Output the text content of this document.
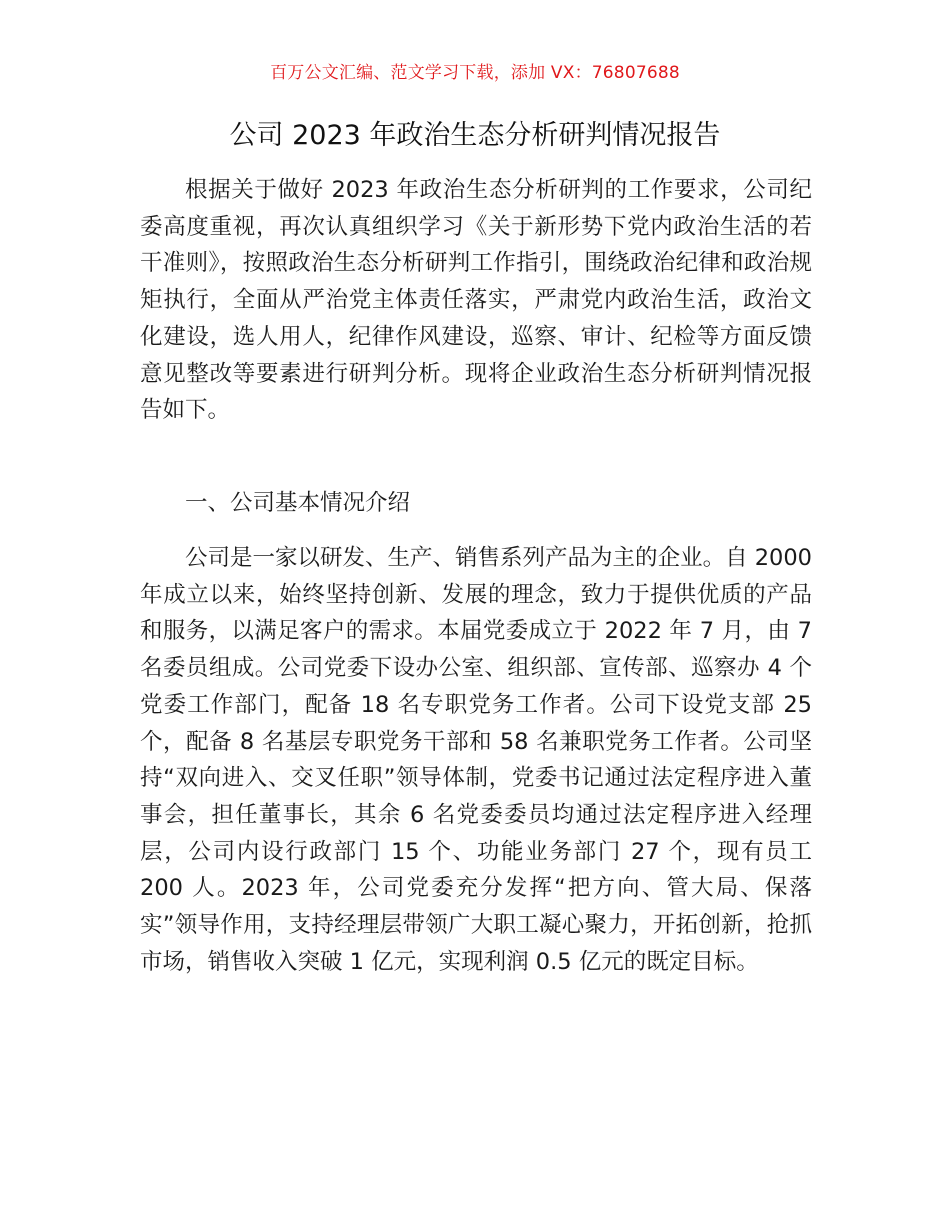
百万公文汇编、范文学习下载，添加 VX：76807688
公司 2023 年政治生态分析研判情况报告

根据关于做好 2023 年政治生态分析研判的工作要求，公司纪委高度重视，再次认真组织学习《关于新形势下党内政治生活的若干准则》，按照政治生态分析研判工作指引，围绕政治纪律和政治规矩执行，全面从严治党主体责任落实，严肃党内政治生活，政治文化建设，选人用人，纪律作风建设，巡察、审计、纪检等方面反馈意见整改等要素进行研判分析。现将企业政治生态分析研判情况报告如下。

一、公司基本情况介绍

公司是一家以研发、生产、销售系列产品为主的企业。自 2000 年成立以来，始终坚持创新、发展的理念，致力于提供优质的产品和服务，以满足客户的需求。本届党委成立于 2022 年 7 月，由 7 名委员组成。公司党委下设办公室、组织部、宣传部、巡察办 4 个党委工作部门，配备 18 名专职党务工作者。公司下设党支部 25 个，配备 8 名基层专职党务干部和 58 名兼职党务工作者。公司坚持“双向进入、交叉任职”领导体制，党委书记通过法定程序进入董事会，担任董事长，其余 6 名党委委员均通过法定程序进入经理层，公司内设行政部门 15 个、功能业务部门 27 个，现有员工 200 人。2023 年，公司党委充分发挥“把方向、管大局、保落实”领导作用，支持经理层带领广大职工凝心聚力，开拓创新，抢抓市场，销售收入突破 1 亿元，实现利润 0.5 亿元的既定目标。
